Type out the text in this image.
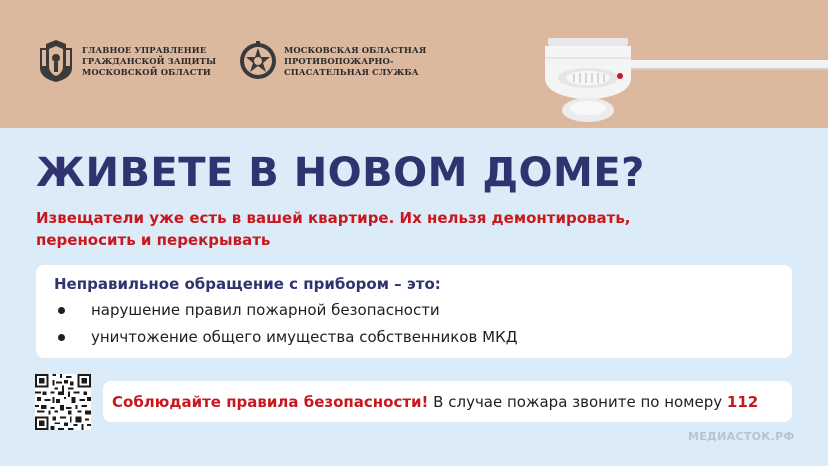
ГЛАВНОЕ УПРАВЛЕНИЕ
ГРАЖДАНСКОЙ ЗАЩИТЫ
МОСКОВСКОЙ ОБЛАСТИ
МОСКОВСКАЯ ОБЛАСТНАЯ
ПРОТИВОПОЖАРНО-
СПАСАТЕЛЬНАЯ СЛУЖБА
ЖИВЕТЕ В НОВОМ ДОМЕ?
Извещатели уже есть в вашей квартире. Их нельзя демонтировать, переносить и перекрывать
Неправильное обращение с прибором – это:
нарушение правил пожарной безопасности
уничтожение общего имущества собственников МКД
Соблюдайте правила безопасности! В случае пожара звоните по номеру 112
МЕДИАСТОК.РФ
